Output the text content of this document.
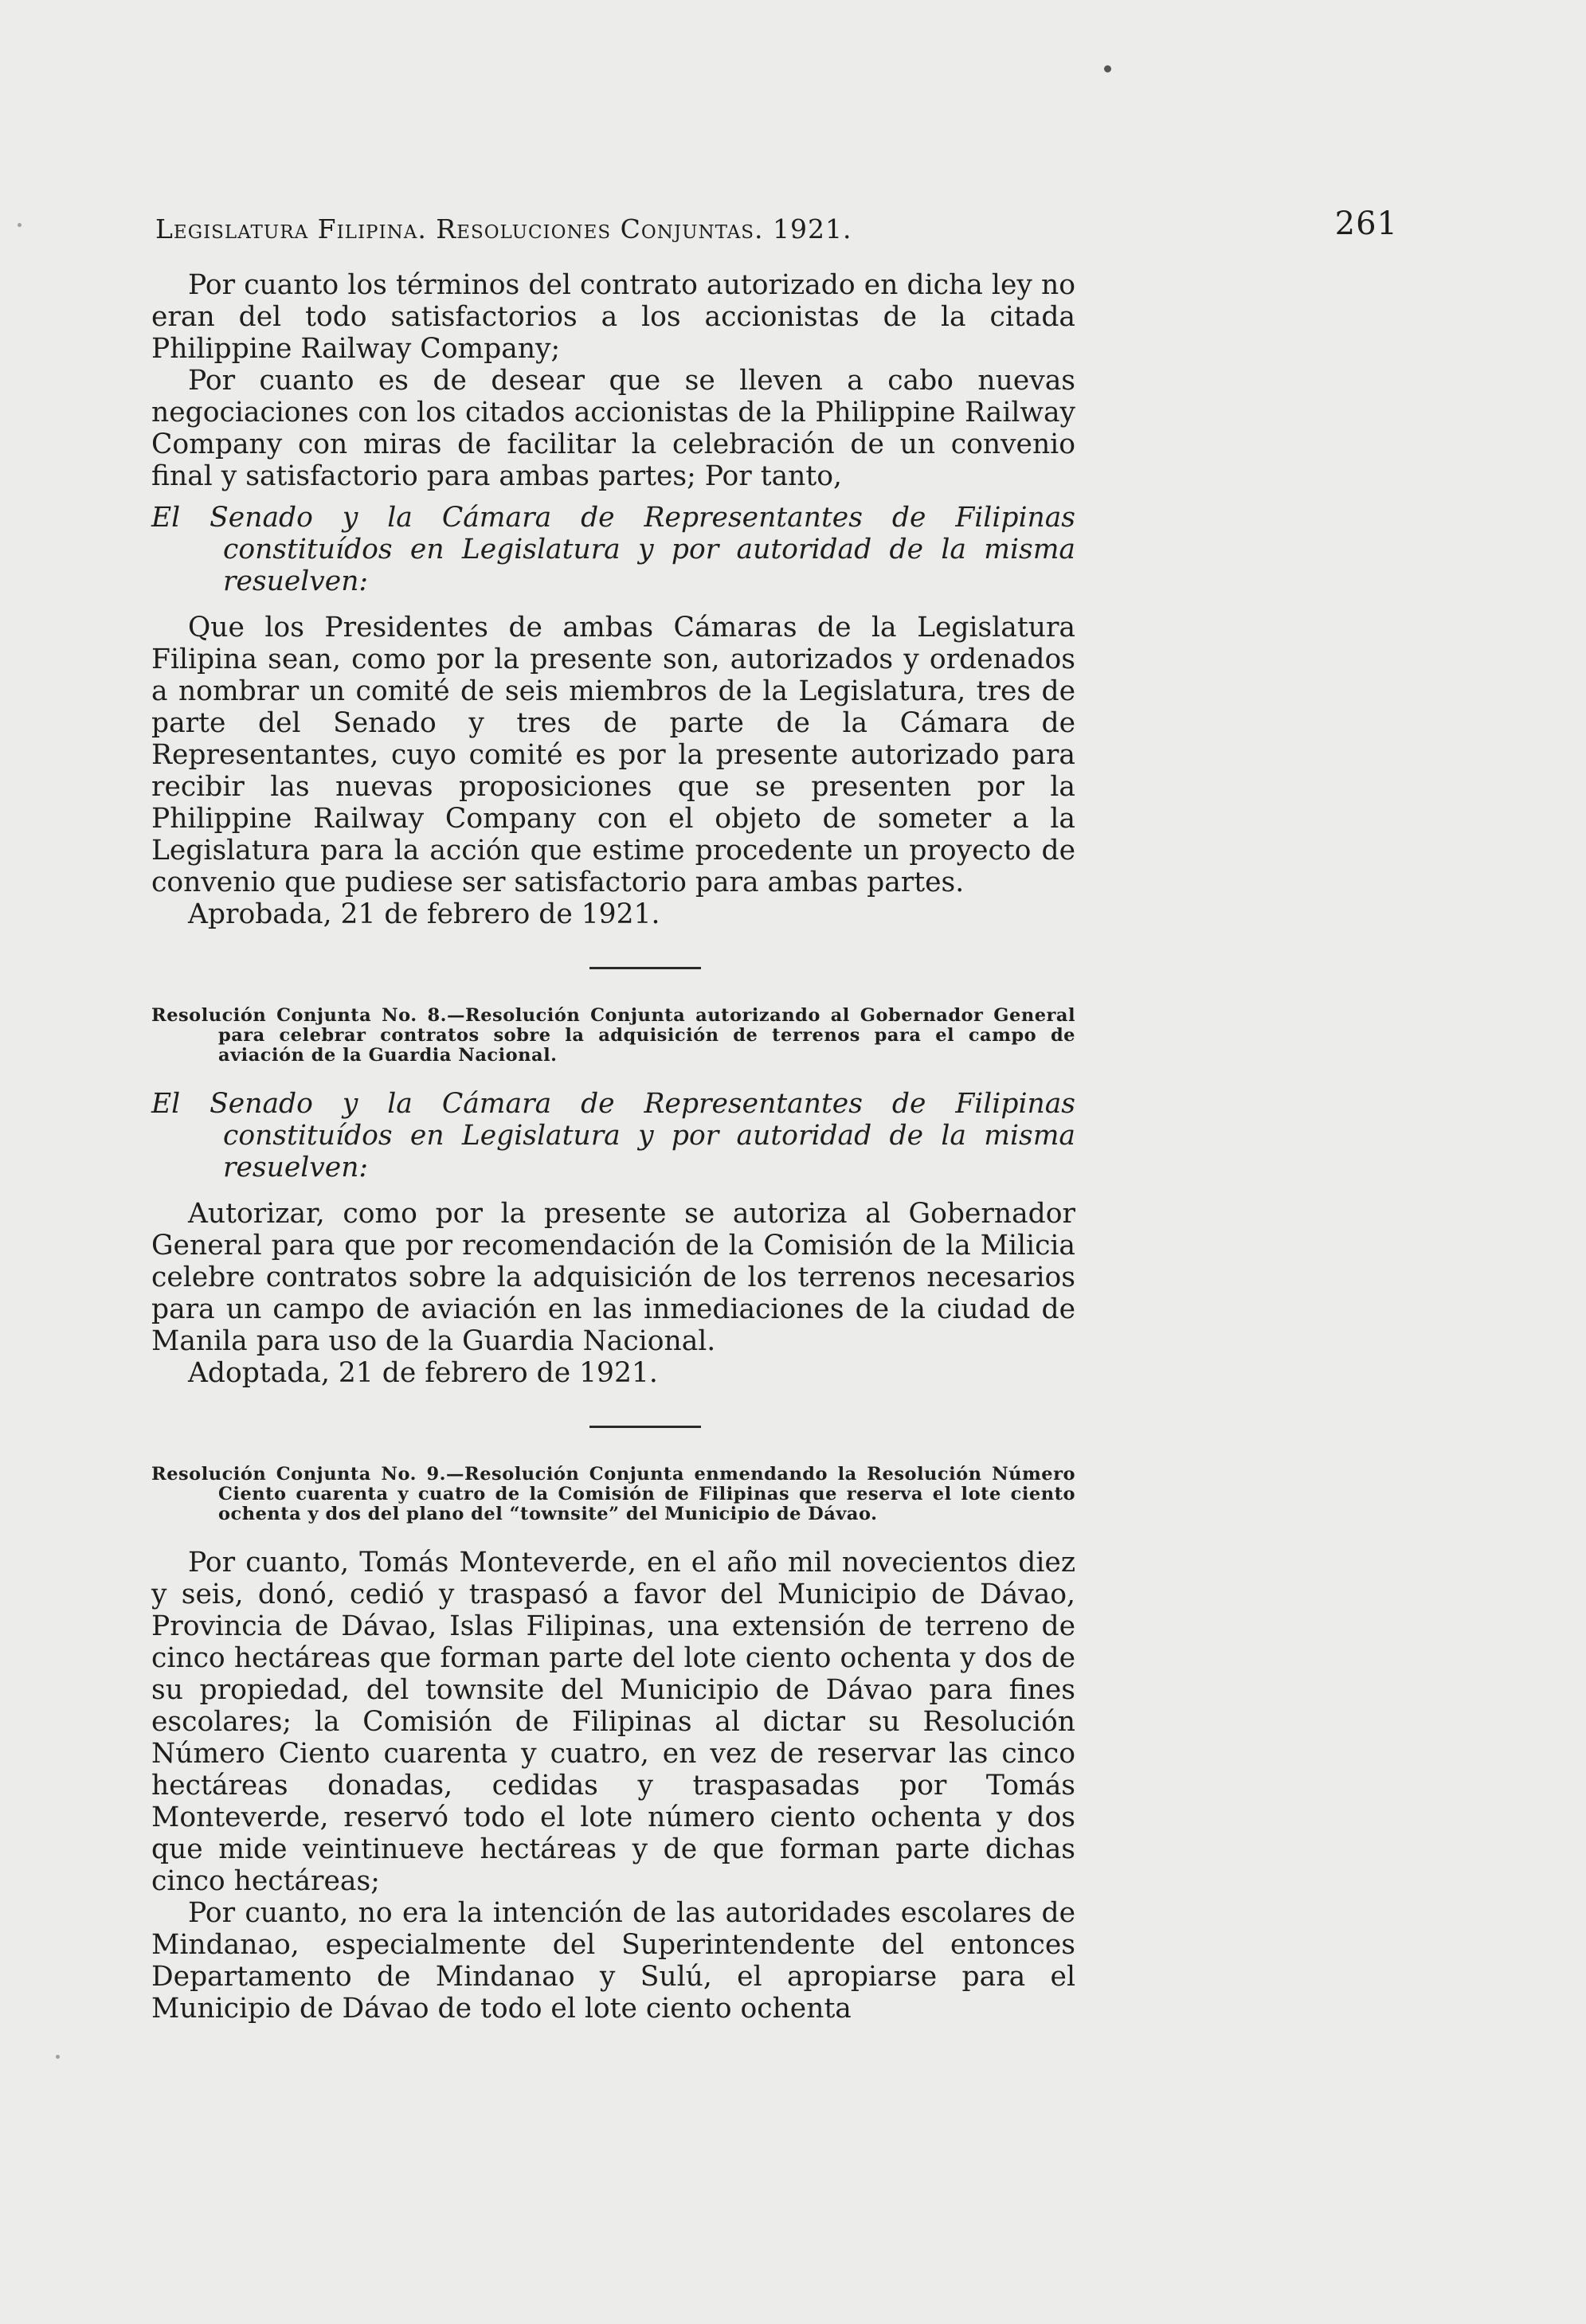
Legislatura Filipina. Resoluciones Conjuntas. 1921.	261

Por cuanto los términos del contrato autorizado en dicha ley no eran del todo satisfactorios a los accionistas de la citada Philippine Railway Company;

Por cuanto es de desear que se lleven a cabo nuevas negociaciones con los citados accionistas de la Philippine Railway Company con miras de facilitar la celebración de un convenio final y satisfactorio para ambas partes; Por tanto,

El Senado y la Cámara de Representantes de Filipinas constituídos en Legislatura y por autoridad de la misma resuelven:

Que los Presidentes de ambas Cámaras de la Legislatura Filipina sean, como por la presente son, autorizados y ordenados a nombrar un comité de seis miembros de la Legislatura, tres de parte del Senado y tres de parte de la Cámara de Representantes, cuyo comité es por la presente autorizado para recibir las nuevas proposiciones que se presenten por la Philippine Railway Company con el objeto de someter a la Legislatura para la acción que estime procedente un proyecto de convenio que pudiese ser satisfactorio para ambas partes.

Aprobada, 21 de febrero de 1921.

Resolución Conjunta No. 8.—Resolución Conjunta autorizando al Gobernador General para celebrar contratos sobre la adquisición de terrenos para el campo de aviación de la Guardia Nacional.

El Senado y la Cámara de Representantes de Filipinas constituídos en Legislatura y por autoridad de la misma resuelven:

Autorizar, como por la presente se autoriza al Gobernador General para que por recomendación de la Comisión de la Milicia celebre contratos sobre la adquisición de los terrenos necesarios para un campo de aviación en las inmediaciones de la ciudad de Manila para uso de la Guardia Nacional.

Adoptada, 21 de febrero de 1921.

Resolución Conjunta No. 9.—Resolución Conjunta enmendando la Resolución Número Ciento cuarenta y cuatro de la Comisión de Filipinas que reserva el lote ciento ochenta y dos del plano del “townsite” del Municipio de Dávao.

Por cuanto, Tomás Monteverde, en el año mil novecientos diez y seis, donó, cedió y traspasó a favor del Municipio de Dávao, Provincia de Dávao, Islas Filipinas, una extensión de terreno de cinco hectáreas que forman parte del lote ciento ochenta y dos de su propiedad, del townsite del Municipio de Dávao para fines escolares; la Comisión de Filipinas al dictar su Resolución Número Ciento cuarenta y cuatro, en vez de reservar las cinco hectáreas donadas, cedidas y traspasadas por Tomás Monteverde, reservó todo el lote número ciento ochenta y dos que mide veintinueve hectáreas y de que forman parte dichas cinco hectáreas;

Por cuanto, no era la intención de las autoridades escolares de Mindanao, especialmente del Superintendente del entonces Departamento de Mindanao y Sulú, el apropiarse para el Municipio de Dávao de todo el lote ciento ochenta
